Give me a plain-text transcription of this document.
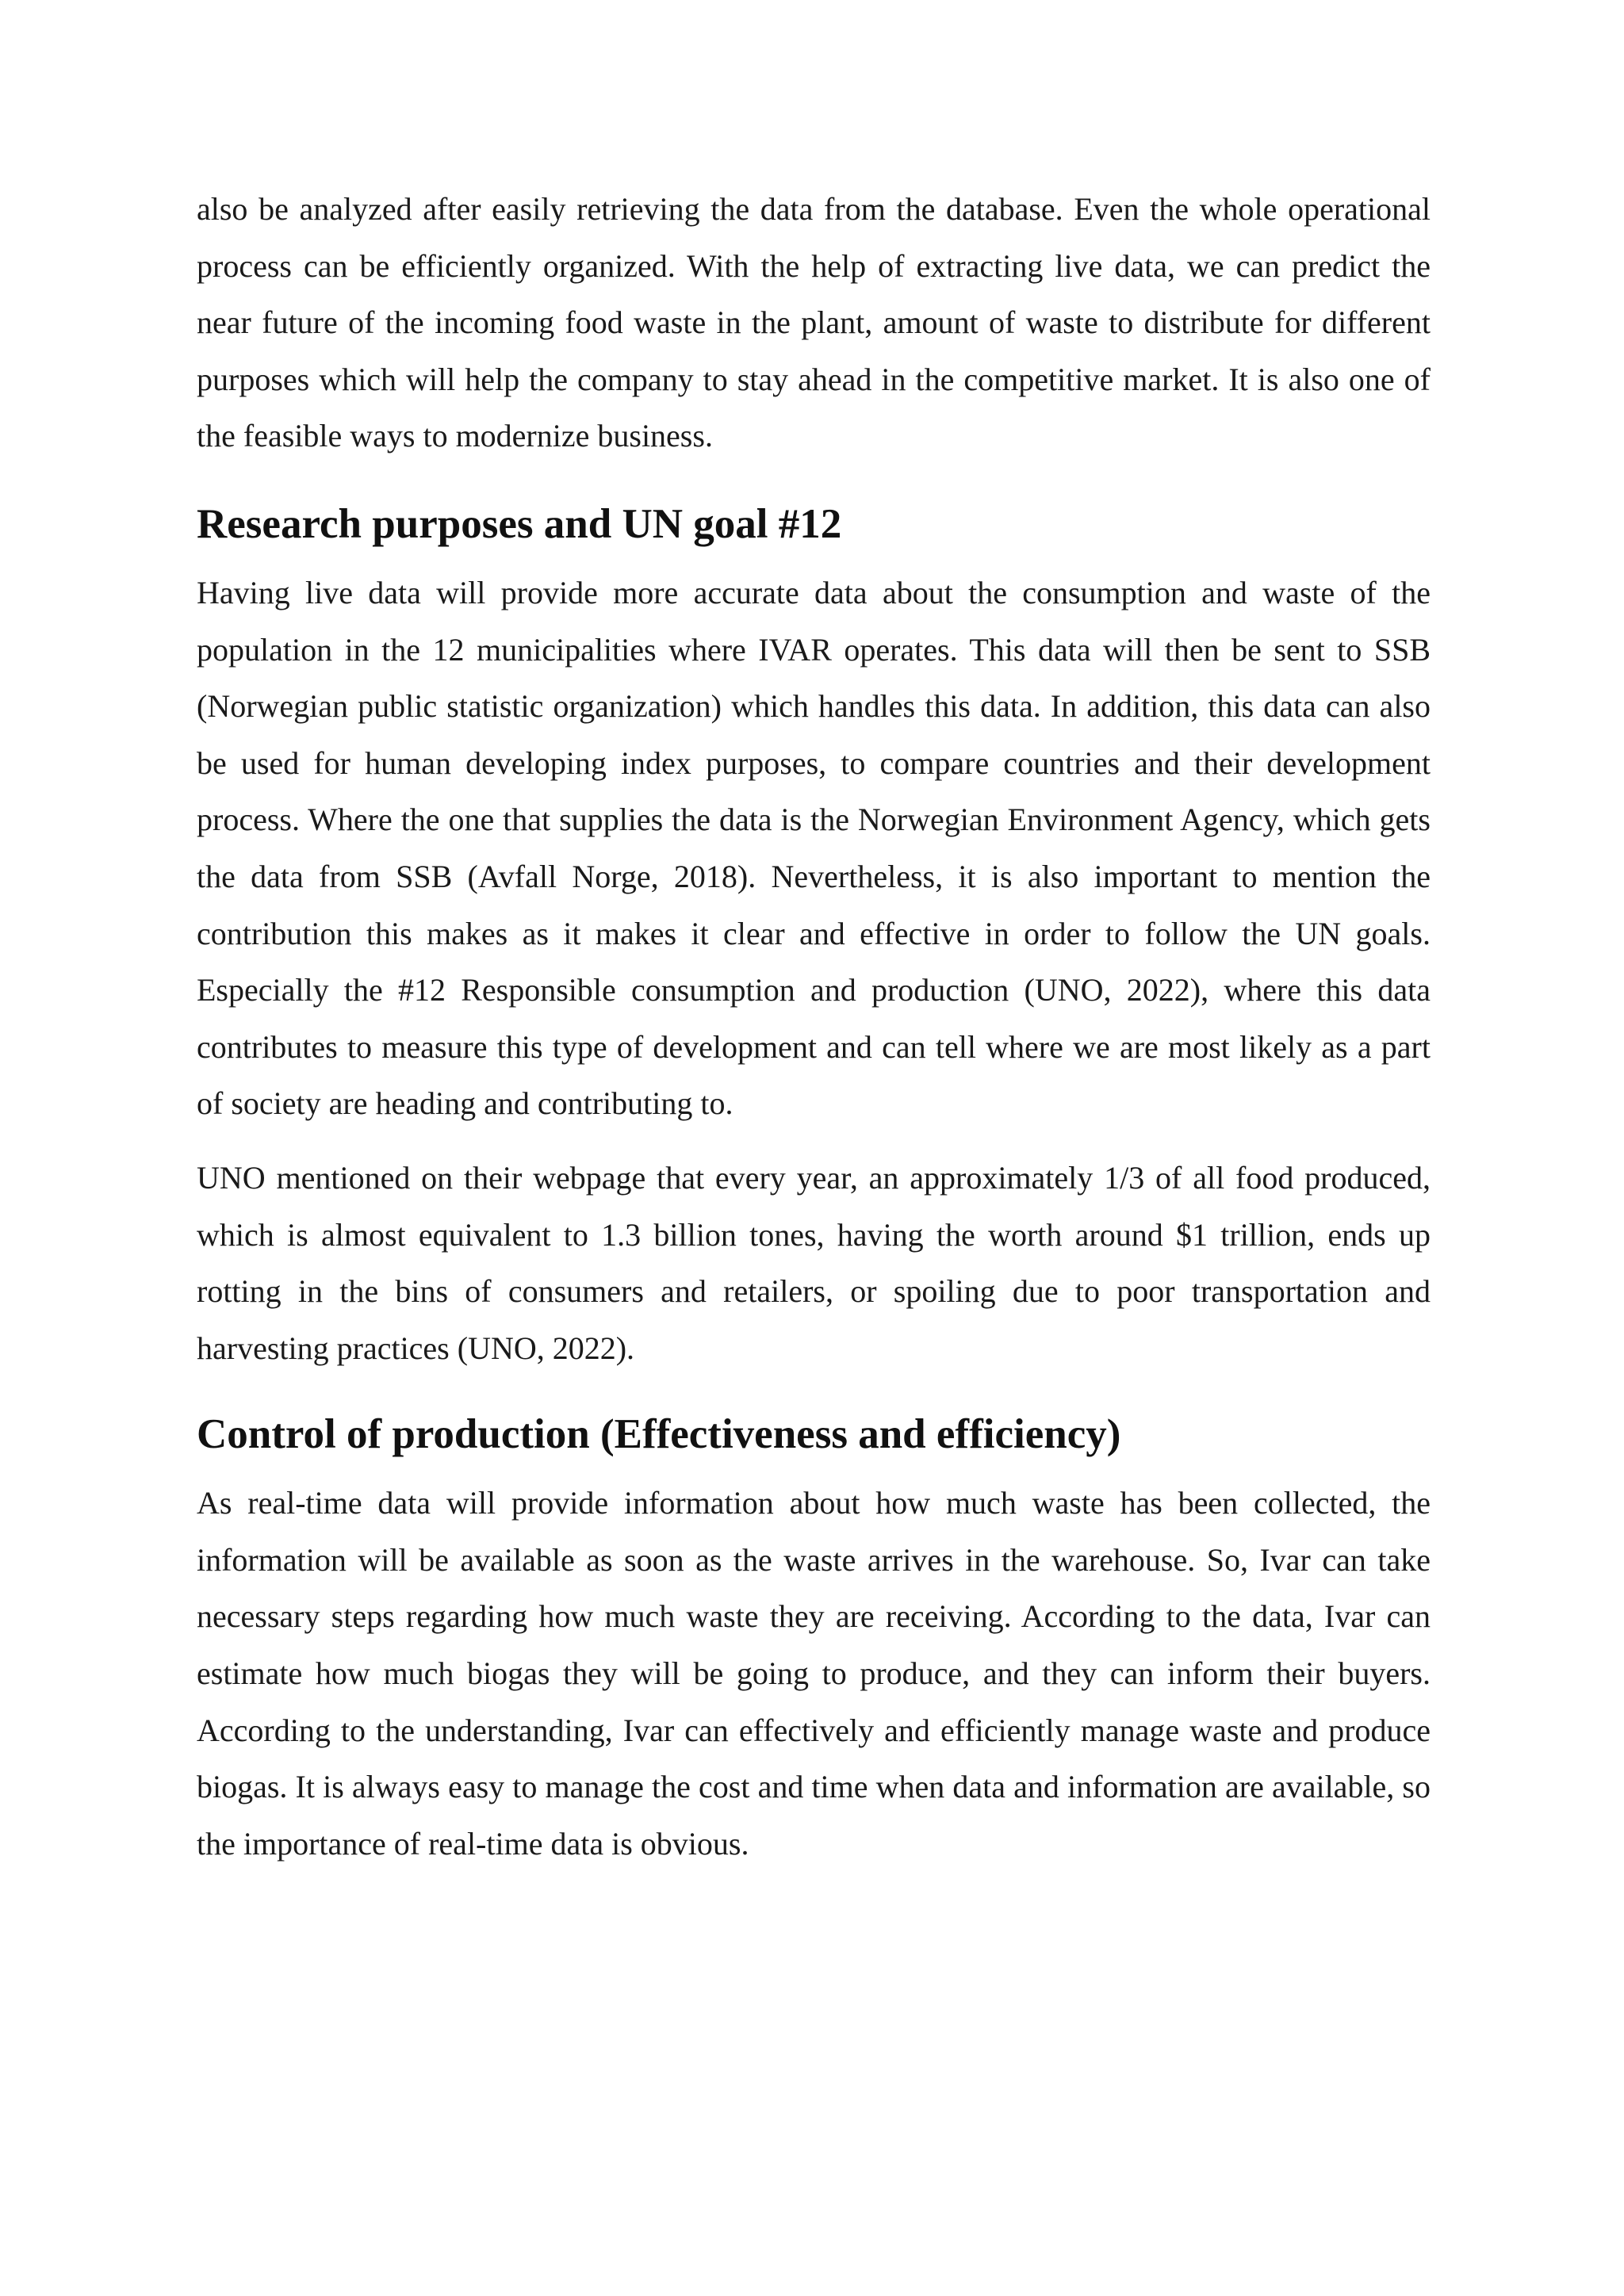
also be analyzed after easily retrieving the data from the database. Even the whole operational process can be efficiently organized. With the help of extracting live data, we can predict the near future of the incoming food waste in the plant, amount of waste to distribute for different purposes which will help the company to stay ahead in the competitive market. It is also one of the feasible ways to modernize business.

Research purposes and UN goal #12

Having live data will provide more accurate data about the consumption and waste of the population in the 12 municipalities where IVAR operates. This data will then be sent to SSB (Norwegian public statistic organization) which handles this data. In addition, this data can also be used for human developing index purposes, to compare countries and their development process. Where the one that supplies the data is the Norwegian Environment Agency, which gets the data from SSB (Avfall Norge, 2018). Nevertheless, it is also important to mention the contribution this makes as it makes it clear and effective in order to follow the UN goals. Especially the #12 Responsible consumption and production (UNO, 2022), where this data contributes to measure this type of development and can tell where we are most likely as a part of society are heading and contributing to.

UNO mentioned on their webpage that every year, an approximately 1/3 of all food produced, which is almost equivalent to 1.3 billion tones, having the worth around $1 trillion, ends up rotting in the bins of consumers and retailers, or spoiling due to poor transportation and harvesting practices (UNO, 2022).

Control of production (Effectiveness and efficiency)

As real-time data will provide information about how much waste has been collected, the information will be available as soon as the waste arrives in the warehouse. So, Ivar can take necessary steps regarding how much waste they are receiving. According to the data, Ivar can estimate how much biogas they will be going to produce, and they can inform their buyers. According to the understanding, Ivar can effectively and efficiently manage waste and produce biogas. It is always easy to manage the cost and time when data and information are available, so the importance of real-time data is obvious.
